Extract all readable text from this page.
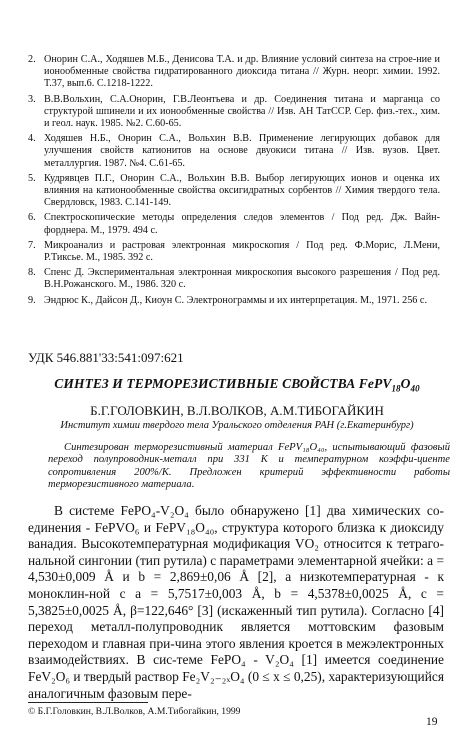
2. Онорин С.А., Ходяшев М.Б., Денисова Т.А. и др. Влияние условий синтеза на строе-ние и ионообменные свойства гидратированного диоксида титана // Журн. неорг. химии. 1992. Т.37, вып.6. С.1218-1222.
3. В.В.Вольхин, С.А.Онорин, Г.В.Леонтьева и др. Соединения титана и марганца со структурой шпинели и их ионообменные свойства // Изв. АН ТатССР. Сер. физ.-тех., хим. и геол. наук. 1985. №2. С.60-65.
4. Ходяшев Н.Б., Онорин С.А., Вольхин В.В. Применение легирующих добавок для улучшения свойств катионитов на основе двуокиси титана // Изв. вузов. Цвет. металлургия. 1987. №4. С.61-65.
5. Кудрявцев П.Г., Онорин С.А., Вольхин В.В. Выбор легирующих ионов и оценка их влияния на катионообменные свойства оксигидратных сорбентов // Химия твердого тела. Свердловск, 1983. С.141-149.
6. Спектроскопические методы определения следов элементов / Под ред. Дж. Вайн-форднера. М., 1979. 494 с.
7. Микроанализ и растровая электронная микроскопия / Под ред. Ф.Морис, Л.Мени, Р.Тиксье. М., 1985. 392 с.
8. Спенс Д. Экспериментальная электронная микроскопия высокого разрешения / Под ред. В.Н.Рожанского. М., 1986. 320 с.
9. Эндрюс К., Дайсон Д., Киоун С. Электронограммы и их интерпретация. М., 1971. 256 с.
УДК 546.881'33:541:097:621
СИНТЕЗ И ТЕРМОРЕЗИСТИВНЫЕ СВОЙСТВА $FePV_{18}O_{40}$
Б.Г.ГОЛОВКИН, В.Л.ВОЛКОВ, А.М.ТИБОГАЙКИН
Институт химии твердого тела Уральского отделения РАН (г.Екатеринбург)
Синтезирован терморезистивный материал FePV₁₈O₄₀, испытывающий фазовый переход полупроводник-металл при 331 K и температурном коэффи-циенте сопротивления 200%/K. Предложен критерий эффективности работы терморезистивного материала.

В системе FePO₄-V₂O₄ было обнаружено [1] два химических со-единения - FePVO₆ и FePV₁₈O₄₀, структура которого близка к диоксиду ванадия. Высокотемпературная модификация VO₂ относится к тетраго-нальной сингонии (тип рутила) с параметрами элементарной ячейки: a = 4,530±0,009 Å и b = 2,869±0,06 Å [2], а низкотемпературная - к моноклин-ной c a = 5,7517±0,003 Å, b = 4,5378±0,0025 Å, c = 5,3825±0,0025 Å, β=122,646° [3] (искаженный тип рутила). Согласно [4] переход металл-полупроводник является моттовским фазовым переходом и главная при-чина этого явления кроется в межэлектронных взаимодействиях. В сис-теме FePO₄ - V₂O₄ [1] имеется соединение FeV₂O₆ и твердый раствор Fe₂V₂₋₂ₓO₄ (0 ≤ x ≤ 0,25), характеризующийся аналогичным фазовым пере-

© Б.Г.Головкин, В.Л.Волков, А.М.Тибогайкин, 1999
19
